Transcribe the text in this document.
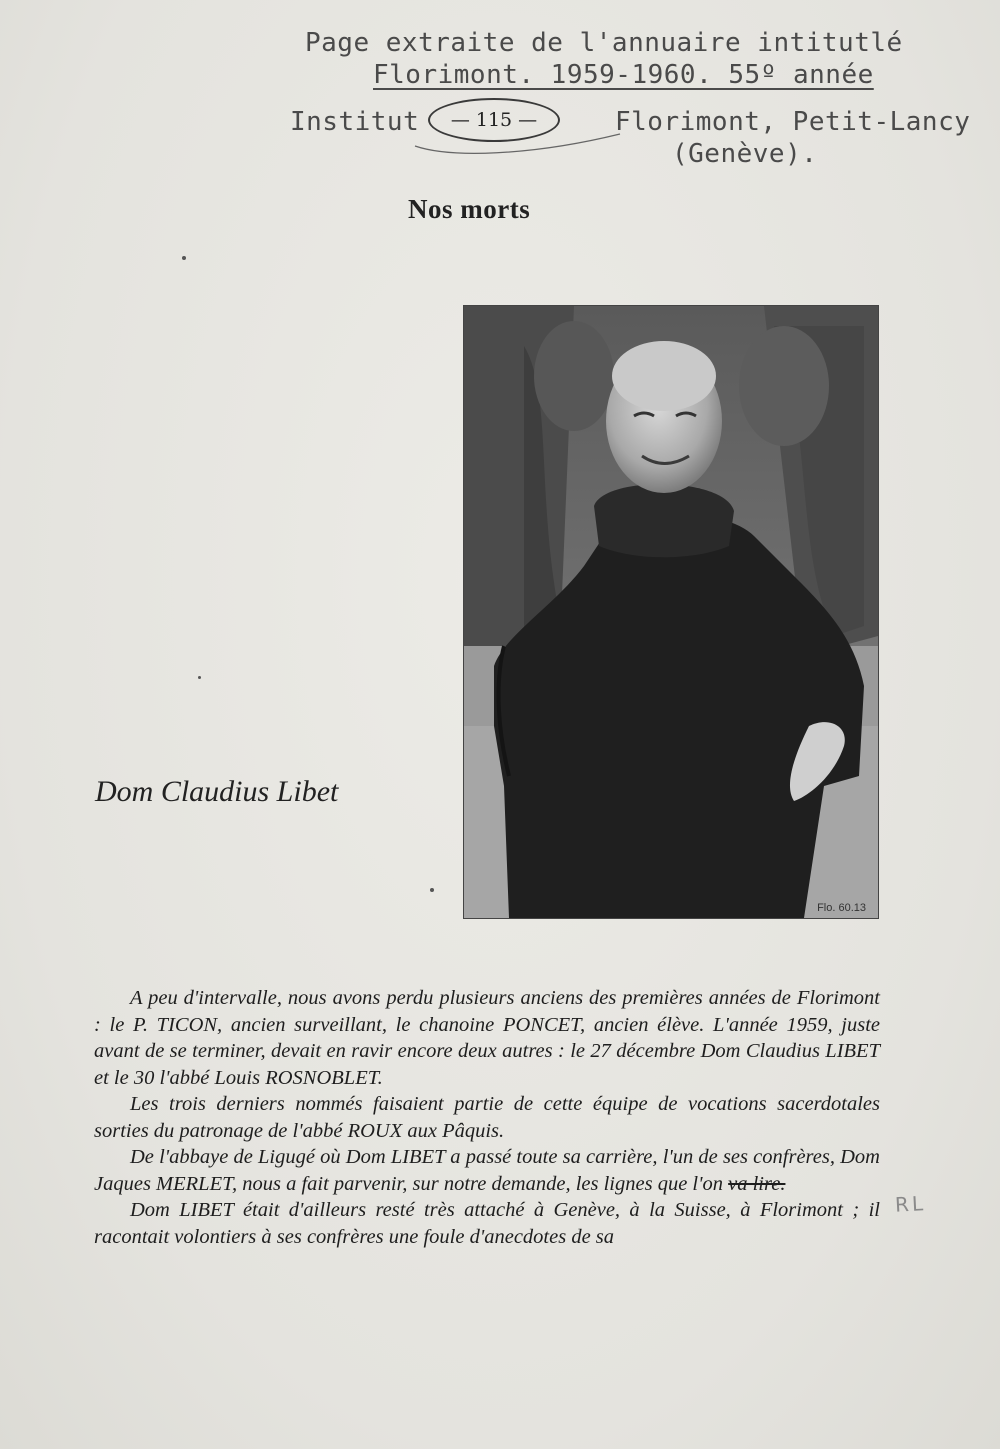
Page extraite de l'annuaire intitutlé
Florimont. 1959-1960. 55º année
Institut — 115 —	Florimont, Petit-Lancy
(Genève).
Nos morts
Flo. 60.13
Dom Claudius Libet

A peu d'intervalle, nous avons perdu plusieurs anciens des premières années de Florimont : le P. TICON, ancien surveillant, le chanoine PONCET, ancien élève. L'année 1959, juste avant de se terminer, devait en ravir encore deux autres : le 27 décembre Dom Claudius LIBET et le 30 l'abbé Louis ROSNOBLET.

Les trois derniers nommés faisaient partie de cette équipe de vocations sacerdotales sorties du patronage de l'abbé ROUX aux Pâquis.

De l'abbaye de Ligugé où Dom LIBET a passé toute sa carrière, l'un de ses confrères, Dom Jaques MERLET, nous a fait parvenir, sur notre demande, les lignes que l'on va lire.

Dom LIBET était d'ailleurs resté très attaché à Genève, à la Suisse, à Florimont ; il racontait volontiers à ses confrères une foule d'anecdotes de sa

RL
